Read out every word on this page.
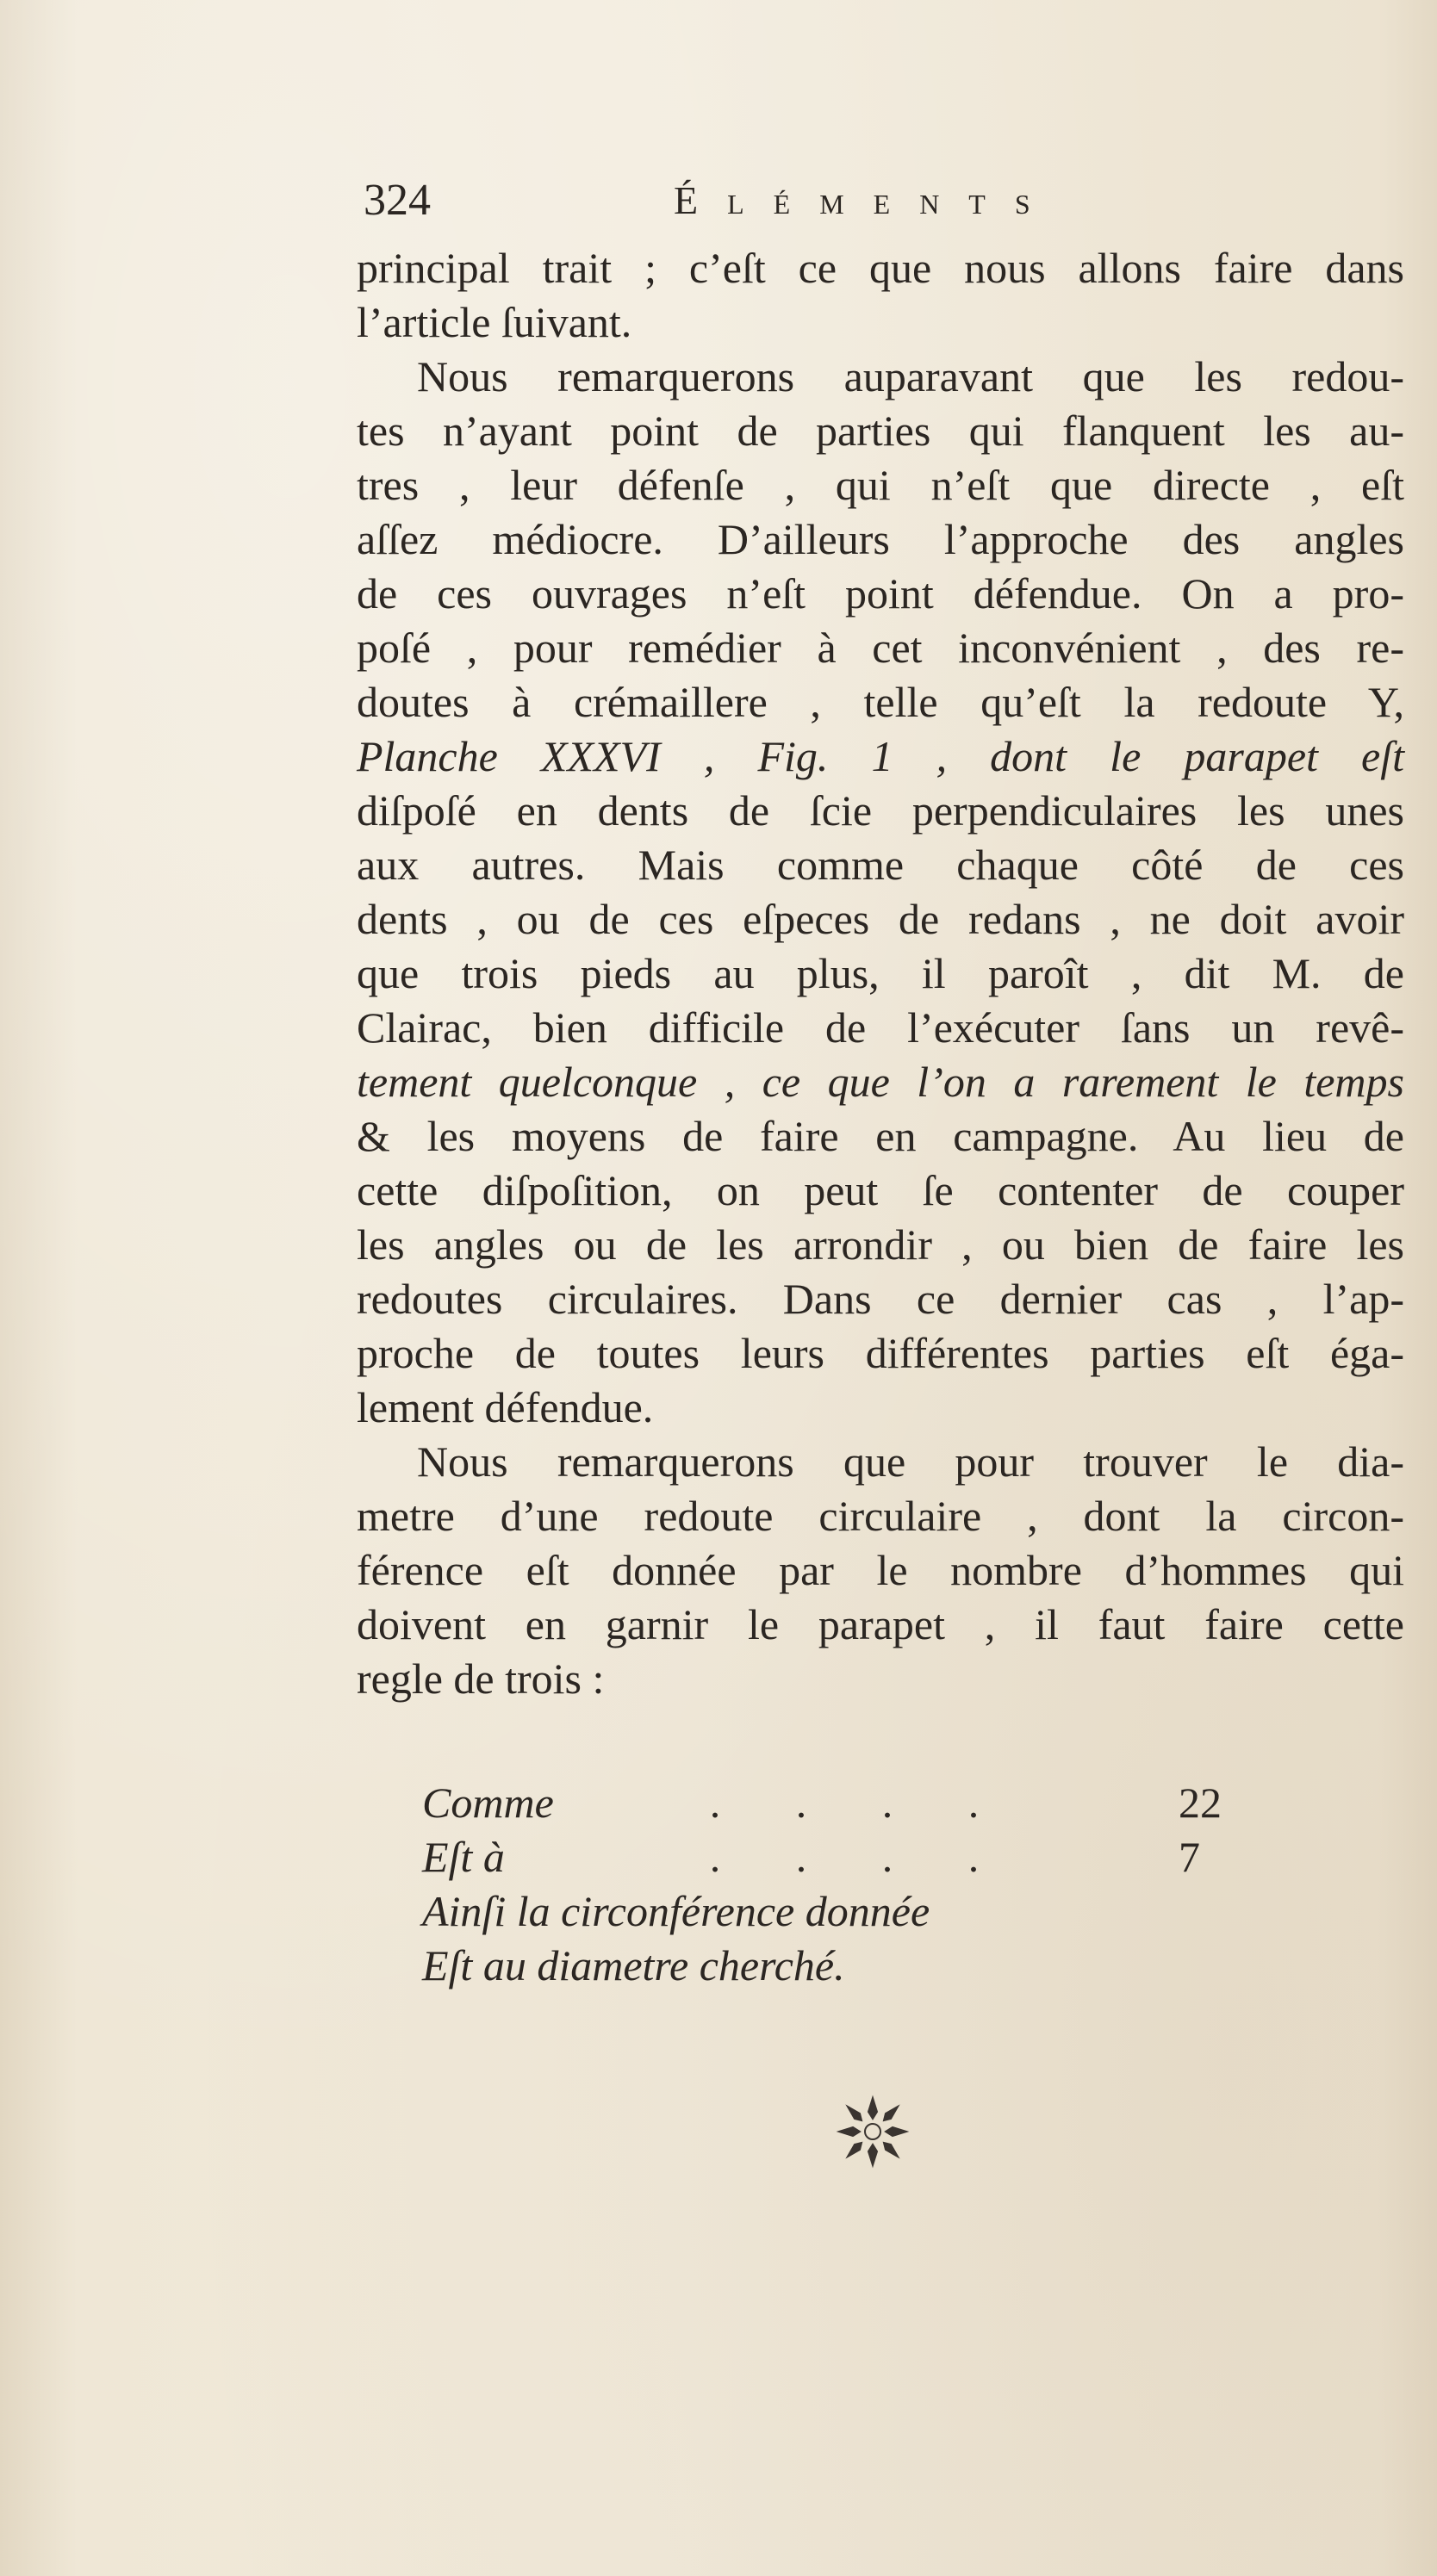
324	Éléments

principal trait ; c’eſt ce que nous allons faire dans
l’article ſuivant.

Nous remarquerons auparavant que les redou-
tes n’ayant point de parties qui flanquent les au-
tres , leur défenſe , qui n’eſt que directe , eſt
aſſez médiocre. D’ailleurs l’approche des angles
de ces ouvrages n’eſt point défendue. On a pro-
poſé , pour remédier à cet inconvénient , des re-
doutes à crémaillere , telle qu’eſt la redoute Y,
Planche XXXVI , Fig. 1 , dont le parapet eſt
diſpoſé en dents de ſcie perpendiculaires les unes
aux autres. Mais comme chaque côté de ces
dents , ou de ces eſpeces de redans , ne doit avoir
que trois pieds au plus, il paroît , dit M. de
Clairac, bien difficile de l’exécuter ſans un revê-
tement quelconque , ce que l’on a rarement le temps
& les moyens de faire en campagne. Au lieu de
cette diſpoſition, on peut ſe contenter de couper
les angles ou de les arrondir , ou bien de faire les
redoutes circulaires. Dans ce dernier cas , l’ap-
proche de toutes leurs différentes parties eſt éga-
lement défendue.

Nous remarquerons que pour trouver le dia-
metre d’une redoute circulaire , dont la circon-
férence eſt donnée par le nombre d’hommes qui
doivent en garnir le parapet , il faut faire cette
regle de trois :

Comme	. . . .	22
Eſt à	. . . .	7
Ainſi la circonférence donnée
Eſt au diametre cherché.
